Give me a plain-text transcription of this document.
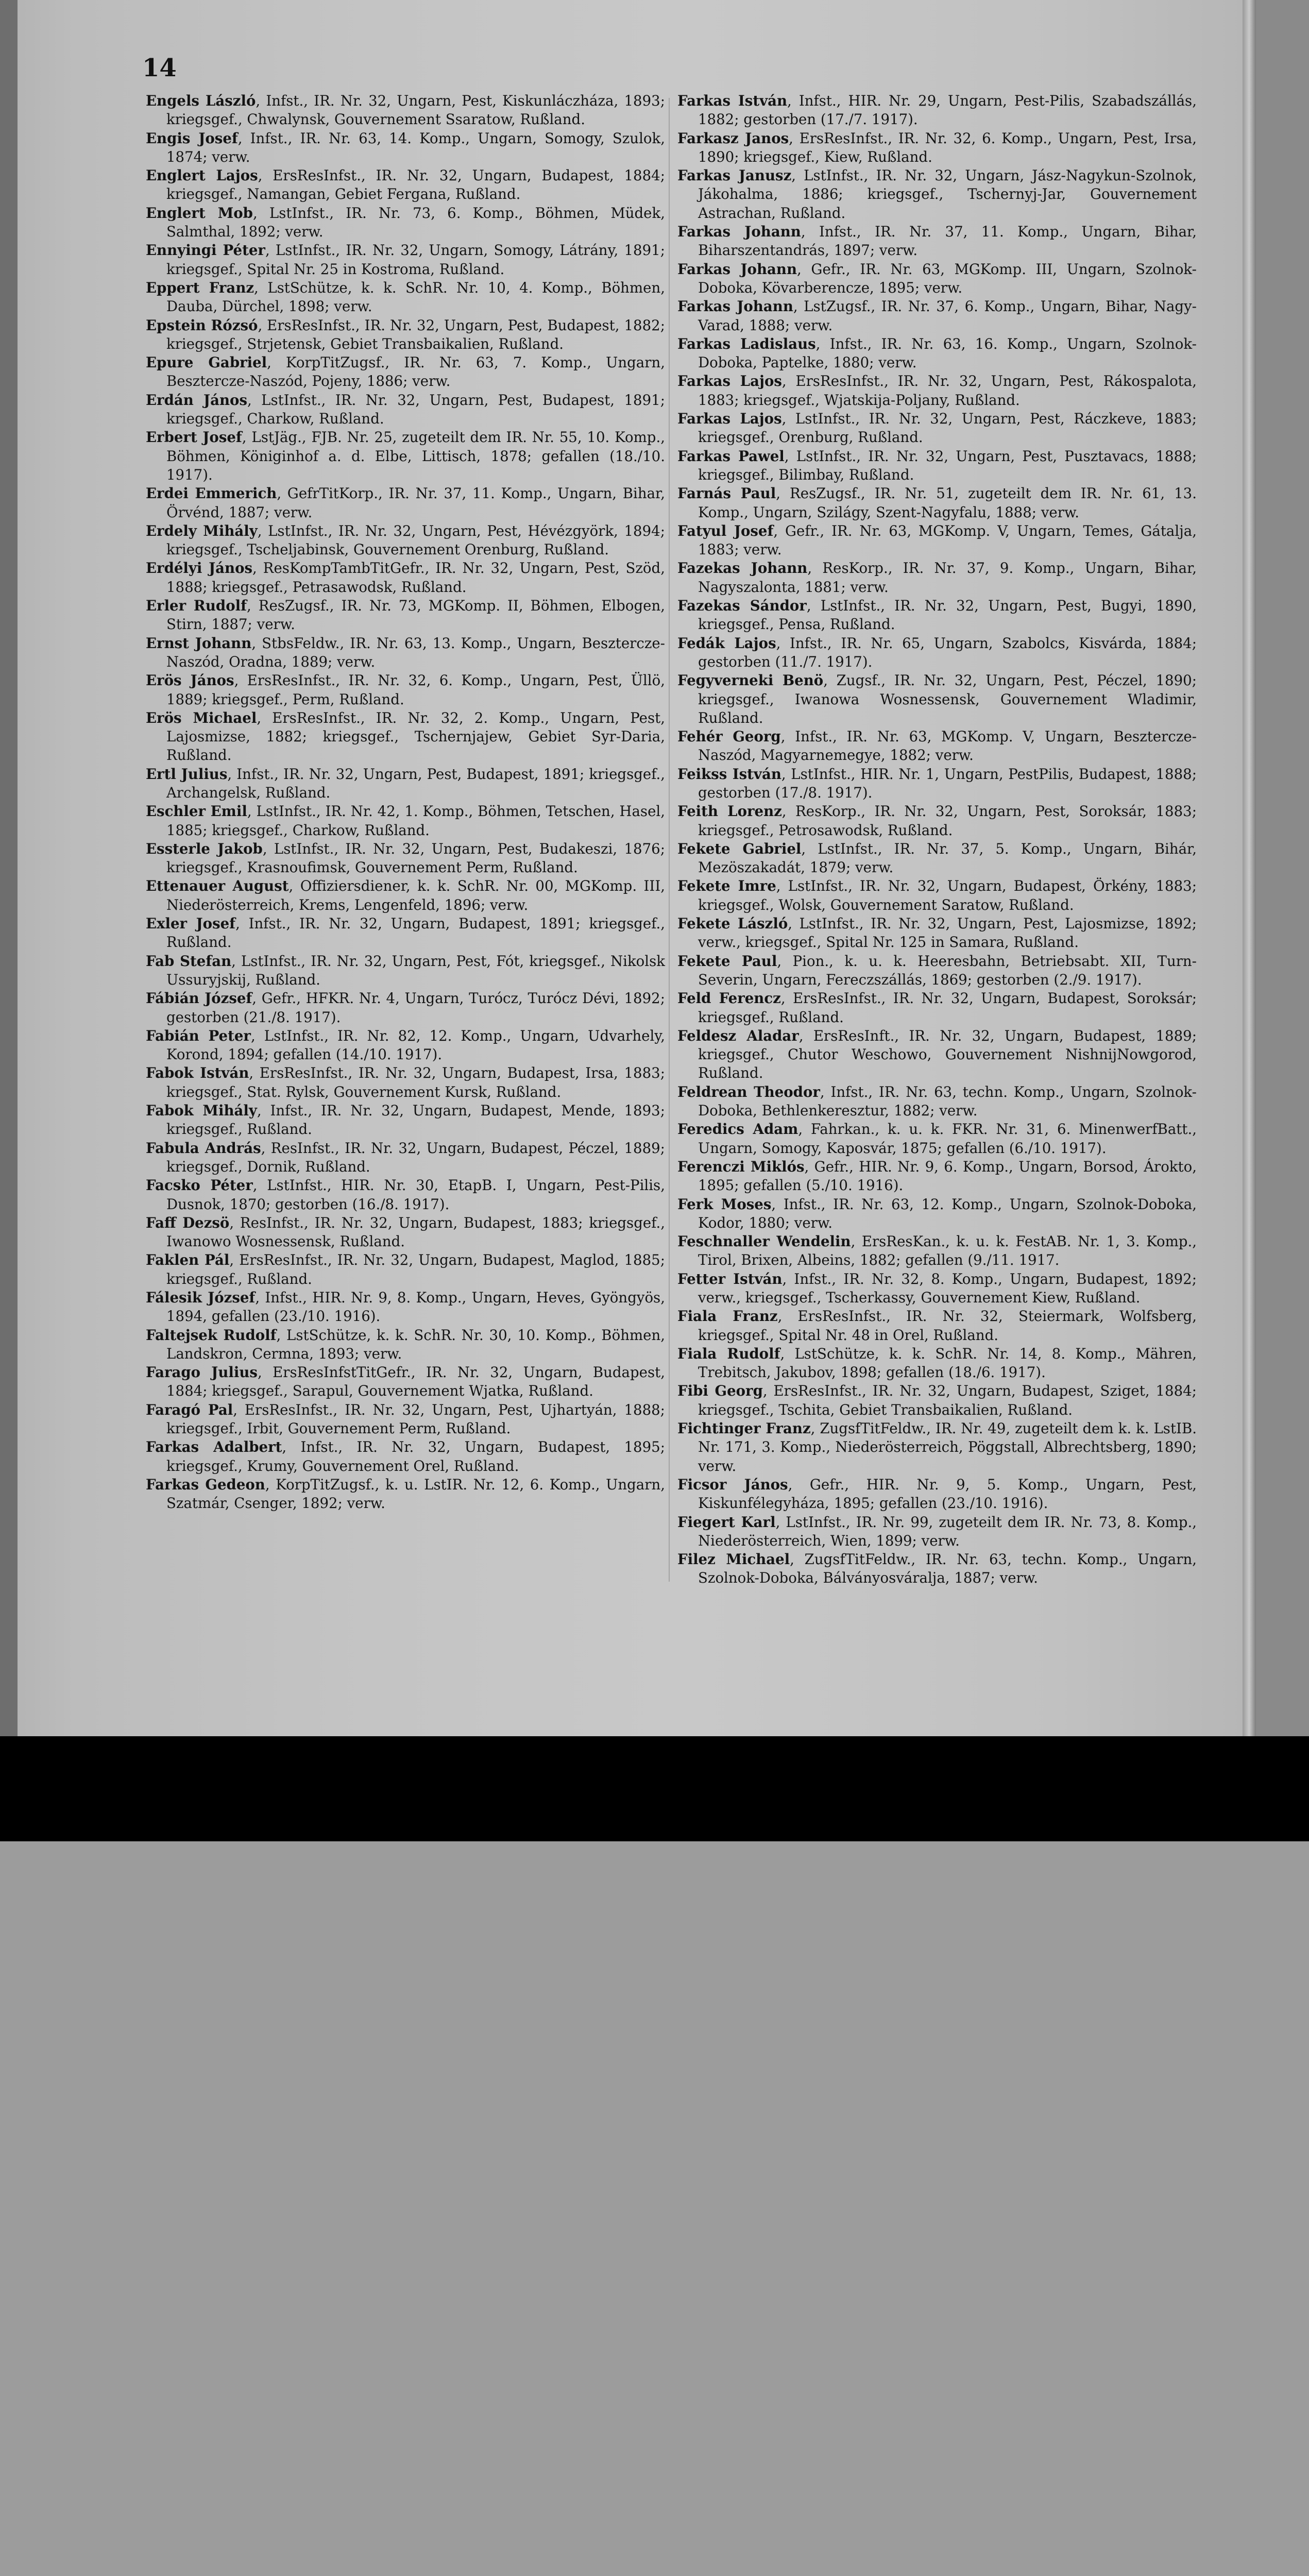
14

Engels László, Infst., IR. Nr. 32, Ungarn, Pest, Kiskunláczháza, 1893; kriegsgef., Chwalynsk, Gouvernement Ssaratow, Rußland.

Engis Josef, Infst., IR. Nr. 63, 14. Komp., Ungarn, Somogy, Szulok, 1874; verw.

Englert Lajos, ErsResInfst., IR. Nr. 32, Ungarn, Budapest, 1884; kriegsgef., Namangan, Gebiet Fergana, Rußland.

Englert Mob, LstInfst., IR. Nr. 73, 6. Komp., Böhmen, Müdek, Salmthal, 1892; verw.

Ennyingi Péter, LstInfst., IR. Nr. 32, Ungarn, Somogy, Látrány, 1891; kriegsgef., Spital Nr. 25 in Kostroma, Rußland.

Eppert Franz, LstSchütze, k. k. SchR. Nr. 10, 4. Komp., Böhmen, Dauba, Dürchel, 1898; verw.

Epstein Rózsó, ErsResInfst., IR. Nr. 32, Ungarn, Pest, Budapest, 1882; kriegsgef., Strjetensk, Gebiet Transbaikalien, Rußland.

Epure Gabriel, KorpTitZugsf., IR. Nr. 63, 7. Komp., Ungarn, Besztercze-Naszód, Pojeny, 1886; verw.

Erdán János, LstInfst., IR. Nr. 32, Ungarn, Pest, Budapest, 1891; kriegsgef., Charkow, Rußland.

Erbert Josef, LstJäg., FJB. Nr. 25, zugeteilt dem IR. Nr. 55, 10. Komp., Böhmen, Königinhof a. d. Elbe, Littisch, 1878; gefallen (18./10. 1917).

Erdei Emmerich, GefrTitKorp., IR. Nr. 37, 11. Komp., Ungarn, Bihar, Örvénd, 1887; verw.

Erdely Mihály, LstInfst., IR. Nr. 32, Ungarn, Pest, Hévézgyörk, 1894; kriegsgef., Tscheljabinsk, Gouvernement Orenburg, Rußland.

Erdélyi János, ResKompTambTitGefr., IR. Nr. 32, Ungarn, Pest, Szöd, 1888; kriegsgef., Petrasawodsk, Rußland.

Erler Rudolf, ResZugsf., IR. Nr. 73, MGKomp. II, Böhmen, Elbogen, Stirn, 1887; verw.

Ernst Johann, StbsFeldw., IR. Nr. 63, 13. Komp., Ungarn, Besztercze-Naszód, Oradna, 1889; verw.

Erös János, ErsResInfst., IR. Nr. 32, 6. Komp., Ungarn, Pest, Üllö, 1889; kriegsgef., Perm, Rußland.

Erös Michael, ErsResInfst., IR. Nr. 32, 2. Komp., Ungarn, Pest, Lajosmizse, 1882; kriegsgef., Tschernjajew, Gebiet Syr-Daria, Rußland.

Ertl Julius, Infst., IR. Nr. 32, Ungarn, Pest, Budapest, 1891; kriegsgef., Archangelsk, Rußland.

Eschler Emil, LstInfst., IR. Nr. 42, 1. Komp., Böhmen, Tetschen, Hasel, 1885; kriegsgef., Charkow, Rußland.

Essterle Jakob, LstInfst., IR. Nr. 32, Ungarn, Pest, Budakeszi, 1876; kriegsgef., Krasnoufimsk, Gouvernement Perm, Rußland.

Ettenauer August, Offiziersdiener, k. k. SchR. Nr. 00, MGKomp. III, Niederösterreich, Krems, Lengenfeld, 1896; verw.

Exler Josef, Infst., IR. Nr. 32, Ungarn, Budapest, 1891; kriegsgef., Rußland.

Fab Stefan, LstInfst., IR. Nr. 32, Ungarn, Pest, Fót, kriegsgef., Nikolsk Ussuryjskij, Rußland.

Fábián József, Gefr., HFKR. Nr. 4, Ungarn, Turócz, Turócz Dévi, 1892; gestorben (21./8. 1917).

Fabián Peter, LstInfst., IR. Nr. 82, 12. Komp., Ungarn, Udvarhely, Korond, 1894; gefallen (14./10. 1917).

Fabok István, ErsResInfst., IR. Nr. 32, Ungarn, Budapest, Irsa, 1883; kriegsgef., Stat. Rylsk, Gouvernement Kursk, Rußland.

Fabok Mihály, Infst., IR. Nr. 32, Ungarn, Budapest, Mende, 1893; kriegsgef., Rußland.

Fabula András, ResInfst., IR. Nr. 32, Ungarn, Budapest, Péczel, 1889; kriegsgef., Dornik, Rußland.

Facsko Péter, LstInfst., HIR. Nr. 30, EtapB. I, Ungarn, Pest-Pilis, Dusnok, 1870; gestorben (16./8. 1917).

Faff Dezsö, ResInfst., IR. Nr. 32, Ungarn, Budapest, 1883; kriegsgef., Iwanowo Wosnessensk, Rußland.

Faklen Pál, ErsResInfst., IR. Nr. 32, Ungarn, Budapest, Maglod, 1885; kriegsgef., Rußland.

Fálesik József, Infst., HIR. Nr. 9, 8. Komp., Ungarn, Heves, Gyöngyös, 1894, gefallen (23./10. 1916).

Faltejsek Rudolf, LstSchütze, k. k. SchR. Nr. 30, 10. Komp., Böhmen, Landskron, Cermna, 1893; verw.

Farago Julius, ErsResInfstTitGefr., IR. Nr. 32, Ungarn, Budapest, 1884; kriegsgef., Sarapul, Gouvernement Wjatka, Rußland.

Faragó Pal, ErsResInfst., IR. Nr. 32, Ungarn, Pest, Ujhartyán, 1888; kriegsgef., Irbit, Gouvernement Perm, Rußland.

Farkas Adalbert, Infst., IR. Nr. 32, Ungarn, Budapest, 1895; kriegsgef., Krumy, Gouvernement Orel, Rußland.

Farkas Gedeon, KorpTitZugsf., k. u. LstIR. Nr. 12, 6. Komp., Ungarn, Szatmár, Csenger, 1892; verw.

Farkas István, Infst., HIR. Nr. 29, Ungarn, Pest-Pilis, Szabadszállás, 1882; gestorben (17./7. 1917).

Farkasz Janos, ErsResInfst., IR. Nr. 32, 6. Komp., Ungarn, Pest, Irsa, 1890; kriegsgef., Kiew, Rußland.

Farkas Janusz, LstInfst., IR. Nr. 32, Ungarn, Jász-Nagykun-Szolnok, Jákohalma, 1886; kriegsgef., Tschernyj-Jar, Gouvernement Astrachan, Rußland.

Farkas Johann, Infst., IR. Nr. 37, 11. Komp., Ungarn, Bihar, Biharszentandrás, 1897; verw.

Farkas Johann, Gefr., IR. Nr. 63, MGKomp. III, Ungarn, Szolnok-Doboka, Kövarberencze, 1895; verw.

Farkas Johann, LstZugsf., IR. Nr. 37, 6. Komp., Ungarn, Bihar, Nagy-Varad, 1888; verw.

Farkas Ladislaus, Infst., IR. Nr. 63, 16. Komp., Ungarn, Szolnok-Doboka, Paptelke, 1880; verw.

Farkas Lajos, ErsResInfst., IR. Nr. 32, Ungarn, Pest, Rákospalota, 1883; kriegsgef., Wjatskija-Poljany, Rußland.

Farkas Lajos, LstInfst., IR. Nr. 32, Ungarn, Pest, Ráczkeve, 1883; kriegsgef., Orenburg, Rußland.

Farkas Pawel, LstInfst., IR. Nr. 32, Ungarn, Pest, Pusztavacs, 1888; kriegsgef., Bilimbay, Rußland.

Farnás Paul, ResZugsf., IR. Nr. 51, zugeteilt dem IR. Nr. 61, 13. Komp., Ungarn, Szilágy, Szent-Nagyfalu, 1888; verw.

Fatyul Josef, Gefr., IR. Nr. 63, MGKomp. V, Ungarn, Temes, Gátalja, 1883; verw.

Fazekas Johann, ResKorp., IR. Nr. 37, 9. Komp., Ungarn, Bihar, Nagyszalonta, 1881; verw.

Fazekas Sándor, LstInfst., IR. Nr. 32, Ungarn, Pest, Bugyi, 1890, kriegsgef., Pensa, Rußland.

Fedák Lajos, Infst., IR. Nr. 65, Ungarn, Szabolcs, Kisvárda, 1884; gestorben (11./7. 1917).

Fegyverneki Benö, Zugsf., IR. Nr. 32, Ungarn, Pest, Péczel, 1890; kriegsgef., Iwanowa Wosnessensk, Gouvernement Wladimir, Rußland.

Fehér Georg, Infst., IR. Nr. 63, MGKomp. V, Ungarn, Besztercze-Naszód, Magyarnemegye, 1882; verw.

Feikss István, LstInfst., HIR. Nr. 1, Ungarn, PestPilis, Budapest, 1888; gestorben (17./8. 1917).

Feith Lorenz, ResKorp., IR. Nr. 32, Ungarn, Pest, Soroksár, 1883; kriegsgef., Petrosawodsk, Rußland.

Fekete Gabriel, LstInfst., IR. Nr. 37, 5. Komp., Ungarn, Bihár, Mezöszakadát, 1879; verw.

Fekete Imre, LstInfst., IR. Nr. 32, Ungarn, Budapest, Örkény, 1883; kriegsgef., Wolsk, Gouvernement Saratow, Rußland.

Fekete László, LstInfst., IR. Nr. 32, Ungarn, Pest, Lajosmizse, 1892; verw., kriegsgef., Spital Nr. 125 in Samara, Rußland.

Fekete Paul, Pion., k. u. k. Heeresbahn, Betriebsabt. XII, Turn-Severin, Ungarn, Fereczszállás, 1869; gestorben (2./9. 1917).

Feld Ferencz, ErsResInfst., IR. Nr. 32, Ungarn, Budapest, Soroksár; kriegsgef., Rußland.

Feldesz Aladar, ErsResInft., IR. Nr. 32, Ungarn, Budapest, 1889; kriegsgef., Chutor Weschowo, Gouvernement NishnijNowgorod, Rußland.

Feldrean Theodor, Infst., IR. Nr. 63, techn. Komp., Ungarn, Szolnok-Doboka, Bethlenkeresztur, 1882; verw.

Feredics Adam, Fahrkan., k. u. k. FKR. Nr. 31, 6. MinenwerfBatt., Ungarn, Somogy, Kaposvár, 1875; gefallen (6./10. 1917).

Ferenczi Miklós, Gefr., HIR. Nr. 9, 6. Komp., Ungarn, Borsod, Árokto, 1895; gefallen (5./10. 1916).

Ferk Moses, Infst., IR. Nr. 63, 12. Komp., Ungarn, Szolnok-Doboka, Kodor, 1880; verw.

Feschnaller Wendelin, ErsResKan., k. u. k. FestAB. Nr. 1, 3. Komp., Tirol, Brixen, Albeins, 1882; gefallen (9./11. 1917.

Fetter István, Infst., IR. Nr. 32, 8. Komp., Ungarn, Budapest, 1892; verw., kriegsgef., Tscherkassy, Gouvernement Kiew, Rußland.

Fiala Franz, ErsResInfst., IR. Nr. 32, Steiermark, Wolfsberg, kriegsgef., Spital Nr. 48 in Orel, Rußland.

Fiala Rudolf, LstSchütze, k. k. SchR. Nr. 14, 8. Komp., Mähren, Trebitsch, Jakubov, 1898; gefallen (18./6. 1917).

Fibi Georg, ErsResInfst., IR. Nr. 32, Ungarn, Budapest, Sziget, 1884; kriegsgef., Tschita, Gebiet Transbaikalien, Rußland.

Fichtinger Franz, ZugsfTitFeldw., IR. Nr. 49, zugeteilt dem k. k. LstIB. Nr. 171, 3. Komp., Niederösterreich, Pöggstall, Albrechtsberg, 1890; verw.

Ficsor János, Gefr., HIR. Nr. 9, 5. Komp., Ungarn, Pest, Kiskunfélegyháza, 1895; gefallen (23./10. 1916).

Fiegert Karl, LstInfst., IR. Nr. 99, zugeteilt dem IR. Nr. 73, 8. Komp., Niederösterreich, Wien, 1899; verw.

Filez Michael, ZugsfTitFeldw., IR. Nr. 63, techn. Komp., Ungarn, Szolnok-Doboka, Bálványosváralja, 1887; verw.
